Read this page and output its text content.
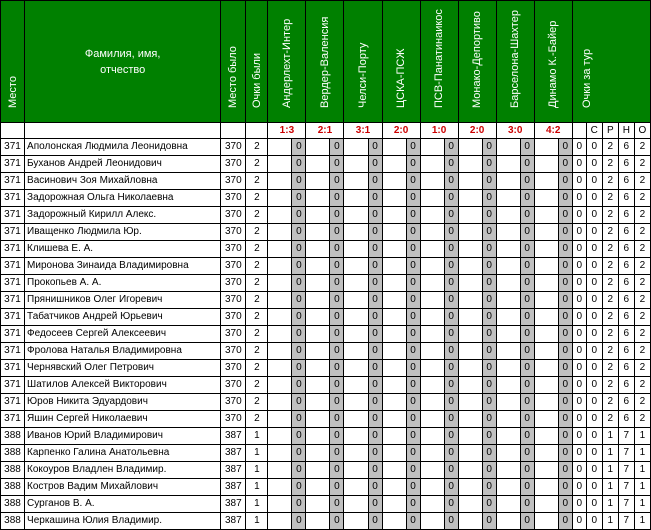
Место	Фамилия, имя,
отчество	Место было	Очки были	Андерлехт-Интер		Вердер-Валенсия		Челси-Порту		ЦСКА-ПСЖ		ПСВ-Панатинаикос		Монако-Депортиво		Барселона-Шахтер		Динамо К.-Байер		Очки за тур				

				1:3		2:1		3:1		2:0		1:0		2:0		3:0		4:2			С	Р	Н	О
371	Аполонская Людмила Леонидовна	370	2		0		0		0		0		0		0		0		0	0	0	2	6	2
371	Буханов Андрей Леонидович	370	2		0		0		0		0		0		0		0		0	0	0	2	6	2
371	Васинович Зоя Михайловна	370	2		0		0		0		0		0		0		0		0	0	0	2	6	2
371	Задорожная Ольга Николаевна	370	2		0		0		0		0		0		0		0		0	0	0	2	6	2
371	Задорожный Кирилл Алекс.	370	2		0		0		0		0		0		0		0		0	0	0	2	6	2
371	Иващенко Людмила Юр.	370	2		0		0		0		0		0		0		0		0	0	0	2	6	2
371	Клишева Е. А.	370	2		0		0		0		0		0		0		0		0	0	0	2	6	2
371	Миронова Зинаида Владимировна	370	2		0		0		0		0		0		0		0		0	0	0	2	6	2
371	Прокопьев А. А.	370	2		0		0		0		0		0		0		0		0	0	0	2	6	2
371	Прянишников Олег Игоревич	370	2		0		0		0		0		0		0		0		0	0	0	2	6	2
371	Табатчиков Андрей Юрьевич	370	2		0		0		0		0		0		0		0		0	0	0	2	6	2
371	Федосеев Сергей Алексеевич	370	2		0		0		0		0		0		0		0		0	0	0	2	6	2
371	Фролова Наталья Владимировна	370	2		0		0		0		0		0		0		0		0	0	0	2	6	2
371	Чернявский Олег Петрович	370	2		0		0		0		0		0		0		0		0	0	0	2	6	2
371	Шатилов Алексей Викторович	370	2		0		0		0		0		0		0		0		0	0	0	2	6	2
371	Юров Никита Эдуардович	370	2		0		0		0		0		0		0		0		0	0	0	2	6	2
371	Яшин Сергей Николаевич	370	2		0		0		0		0		0		0		0		0	0	0	2	6	2
388	Иванов Юрий Владимирович	387	1		0		0		0		0		0		0		0		0	0	0	1	7	1
388	Карпенко Галина Анатольевна	387	1		0		0		0		0		0		0		0		0	0	0	1	7	1
388	Кокоуров Владлен Владимир.	387	1		0		0		0		0		0		0		0		0	0	0	1	7	1
388	Костров Вадим Михайлович	387	1		0		0		0		0		0		0		0		0	0	0	1	7	1
388	Сурганов В. А.	387	1		0		0		0		0		0		0		0		0	0	0	1	7	1
388	Черкашина Юлия Владимир.	387	1		0		0		0		0		0		0		0		0	0	0	1	7	1
